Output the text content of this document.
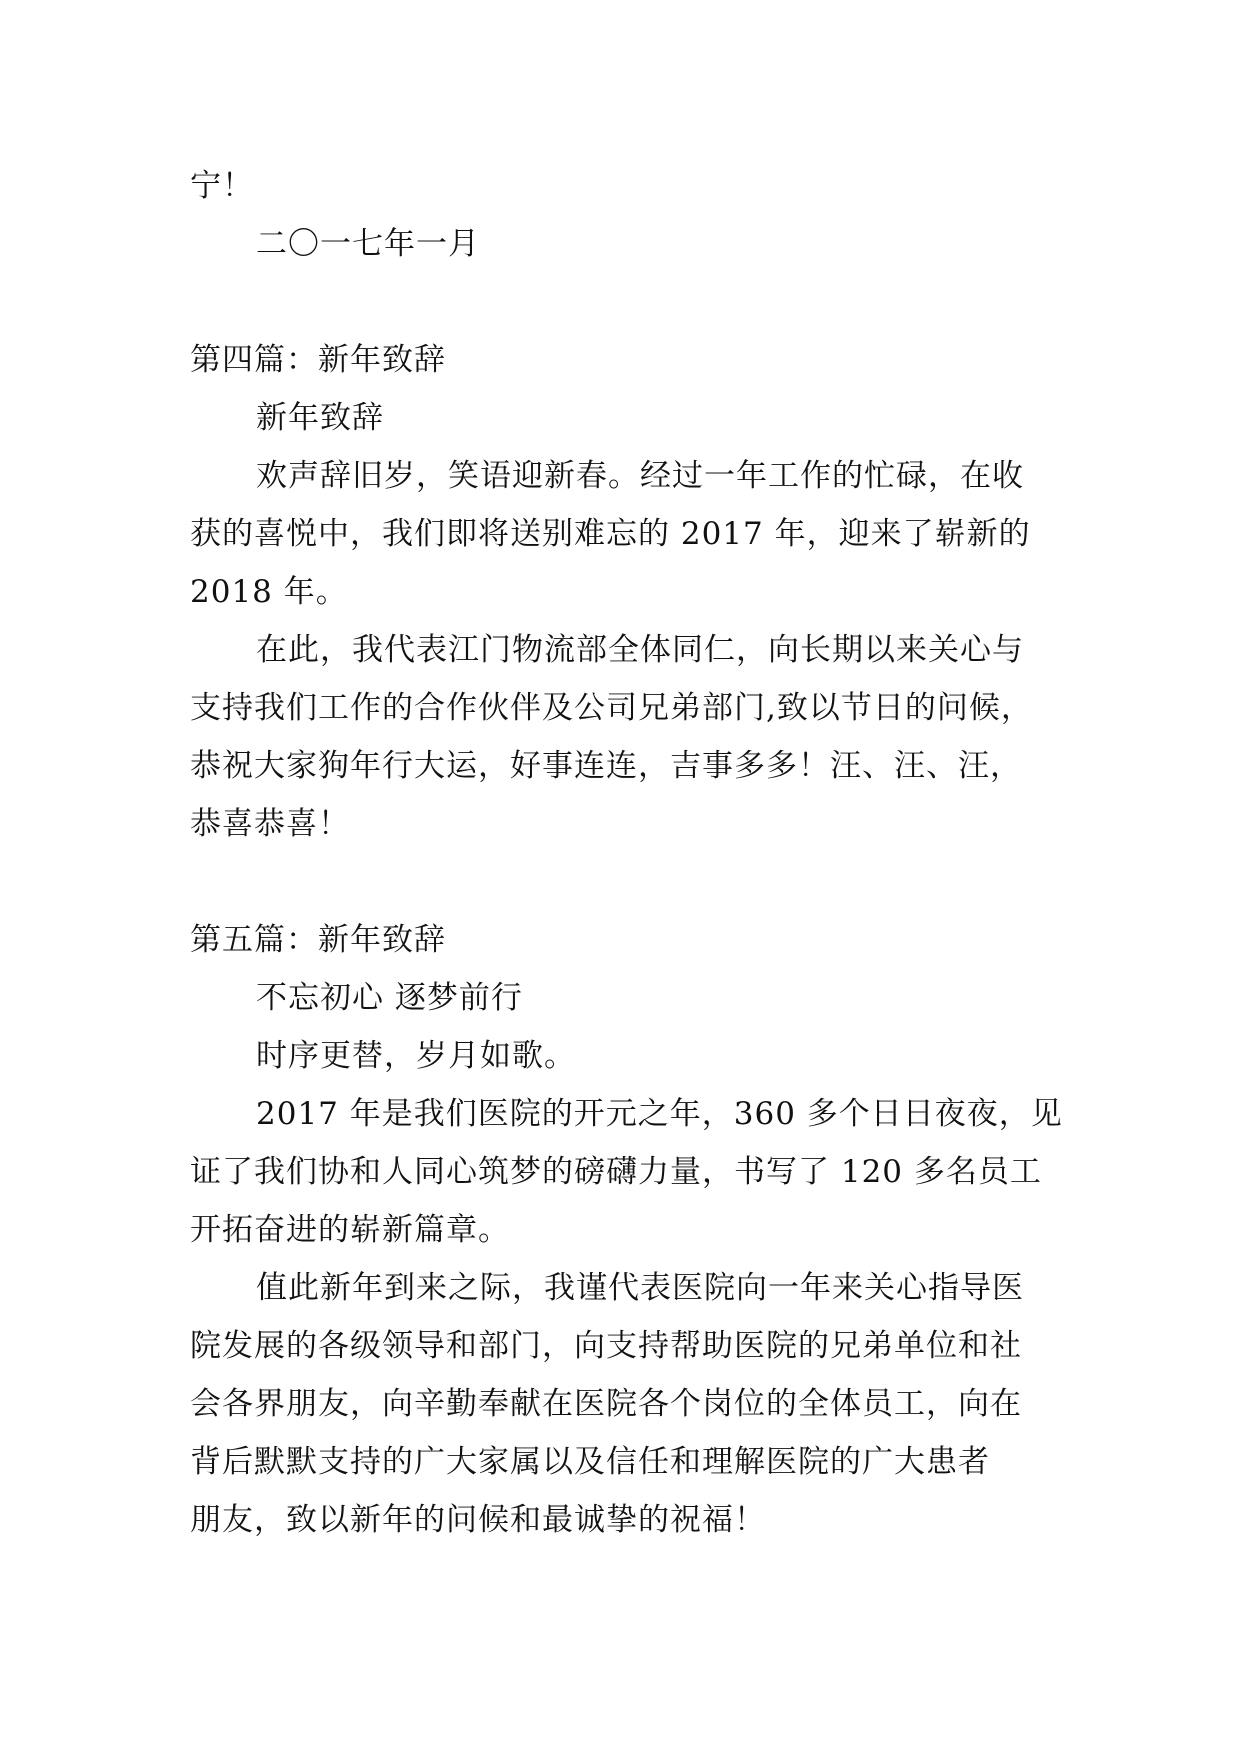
宁！
二〇一七年一月
第四篇：新年致辞
新年致辞
欢声辞旧岁，笑语迎新春。经过一年工作的忙碌，在收
获的喜悦中，我们即将送别难忘的 2017 年，迎来了崭新的
2018 年。
在此，我代表江门物流部全体同仁，向长期以来关心与
支持我们工作的合作伙伴及公司兄弟部门,致以节日的问候，
恭祝大家狗年行大运，好事连连，吉事多多！汪、汪、汪，
恭喜恭喜！
第五篇：新年致辞
不忘初心 逐梦前行
时序更替，岁月如歌。
2017 年是我们医院的开元之年，360 多个日日夜夜，见
证了我们协和人同心筑梦的磅礴力量，书写了 120 多名员工
开拓奋进的崭新篇章。
值此新年到来之际，我谨代表医院向一年来关心指导医
院发展的各级领导和部门，向支持帮助医院的兄弟单位和社
会各界朋友，向辛勤奉献在医院各个岗位的全体员工，向在
背后默默支持的广大家属以及信任和理解医院的广大患者
朋友，致以新年的问候和最诚挚的祝福！
